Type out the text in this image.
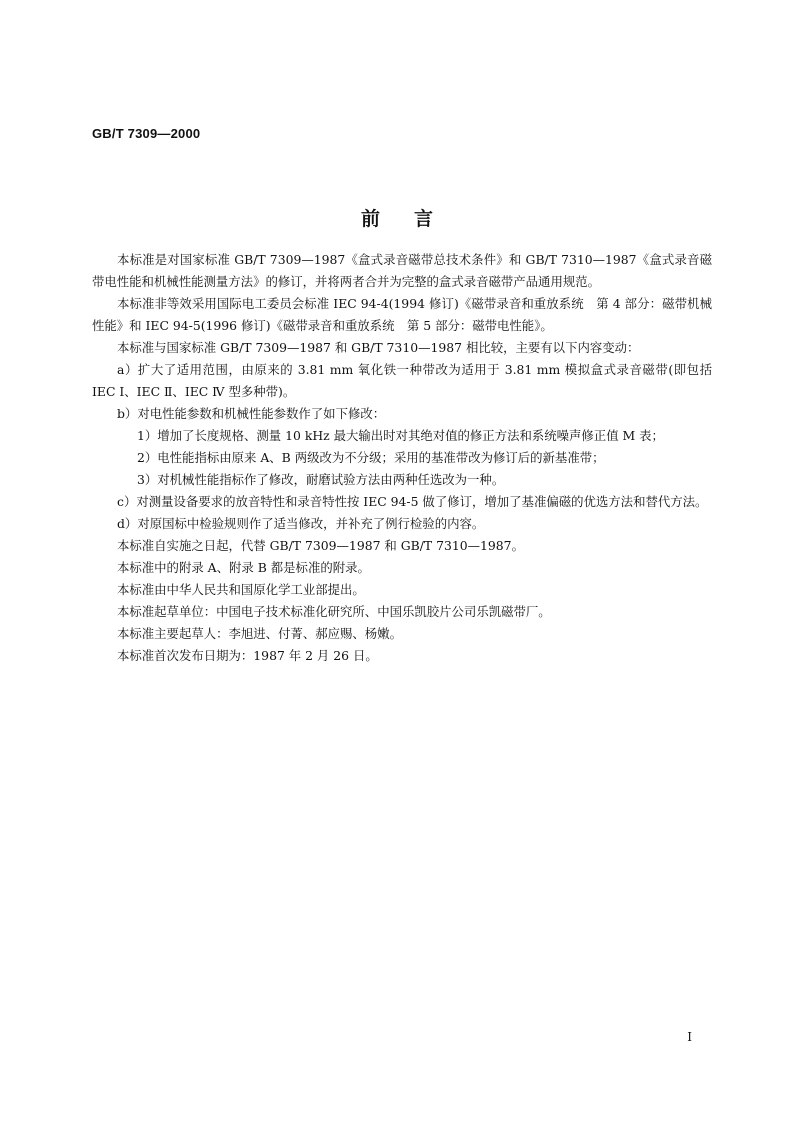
GB/T 7309—2000
前言

本标准是对国家标准 GB/T 7309—1987《盒式录音磁带总技术条件》和 GB/T 7310—1987《盒式录音磁带电性能和机械性能测量方法》的修订，并将两者合并为完整的盒式录音磁带产品通用规范。

本标准非等效采用国际电工委员会标准 IEC 94-4(1994 修订)《磁带录音和重放系统　第 4 部分：磁带机械性能》和 IEC 94-5(1996 修订)《磁带录音和重放系统　第 5 部分：磁带电性能》。

本标准与国家标准 GB/T 7309—1987 和 GB/T 7310—1987 相比较，主要有以下内容变动：

a）扩大了适用范围，由原来的 3.81 mm 氧化铁一种带改为适用于 3.81 mm 模拟盒式录音磁带(即包括 IEC Ⅰ、IEC Ⅱ、IEC Ⅳ 型多种带)。

b）对电性能参数和机械性能参数作了如下修改：

1）增加了长度规格、测量 10 kHz 最大输出时对其绝对值的修正方法和系统噪声修正值 M 表；

2）电性能指标由原来 A、B 两级改为不分级；采用的基准带改为修订后的新基准带；

3）对机械性能指标作了修改，耐磨试验方法由两种任选改为一种。

c）对测量设备要求的放音特性和录音特性按 IEC 94-5 做了修订，增加了基准偏磁的优选方法和替代方法。

d）对原国标中检验规则作了适当修改，并补充了例行检验的内容。

本标准自实施之日起，代替 GB/T 7309—1987 和 GB/T 7310—1987。

本标准中的附录 A、附录 B 都是标准的附录。

本标准由中华人民共和国原化学工业部提出。

本标准起草单位：中国电子技术标准化研究所、中国乐凯胶片公司乐凯磁带厂。

本标准主要起草人：李旭进、付菁、郝应赐、杨嫩。

本标准首次发布日期为：1987 年 2 月 26 日。

I
